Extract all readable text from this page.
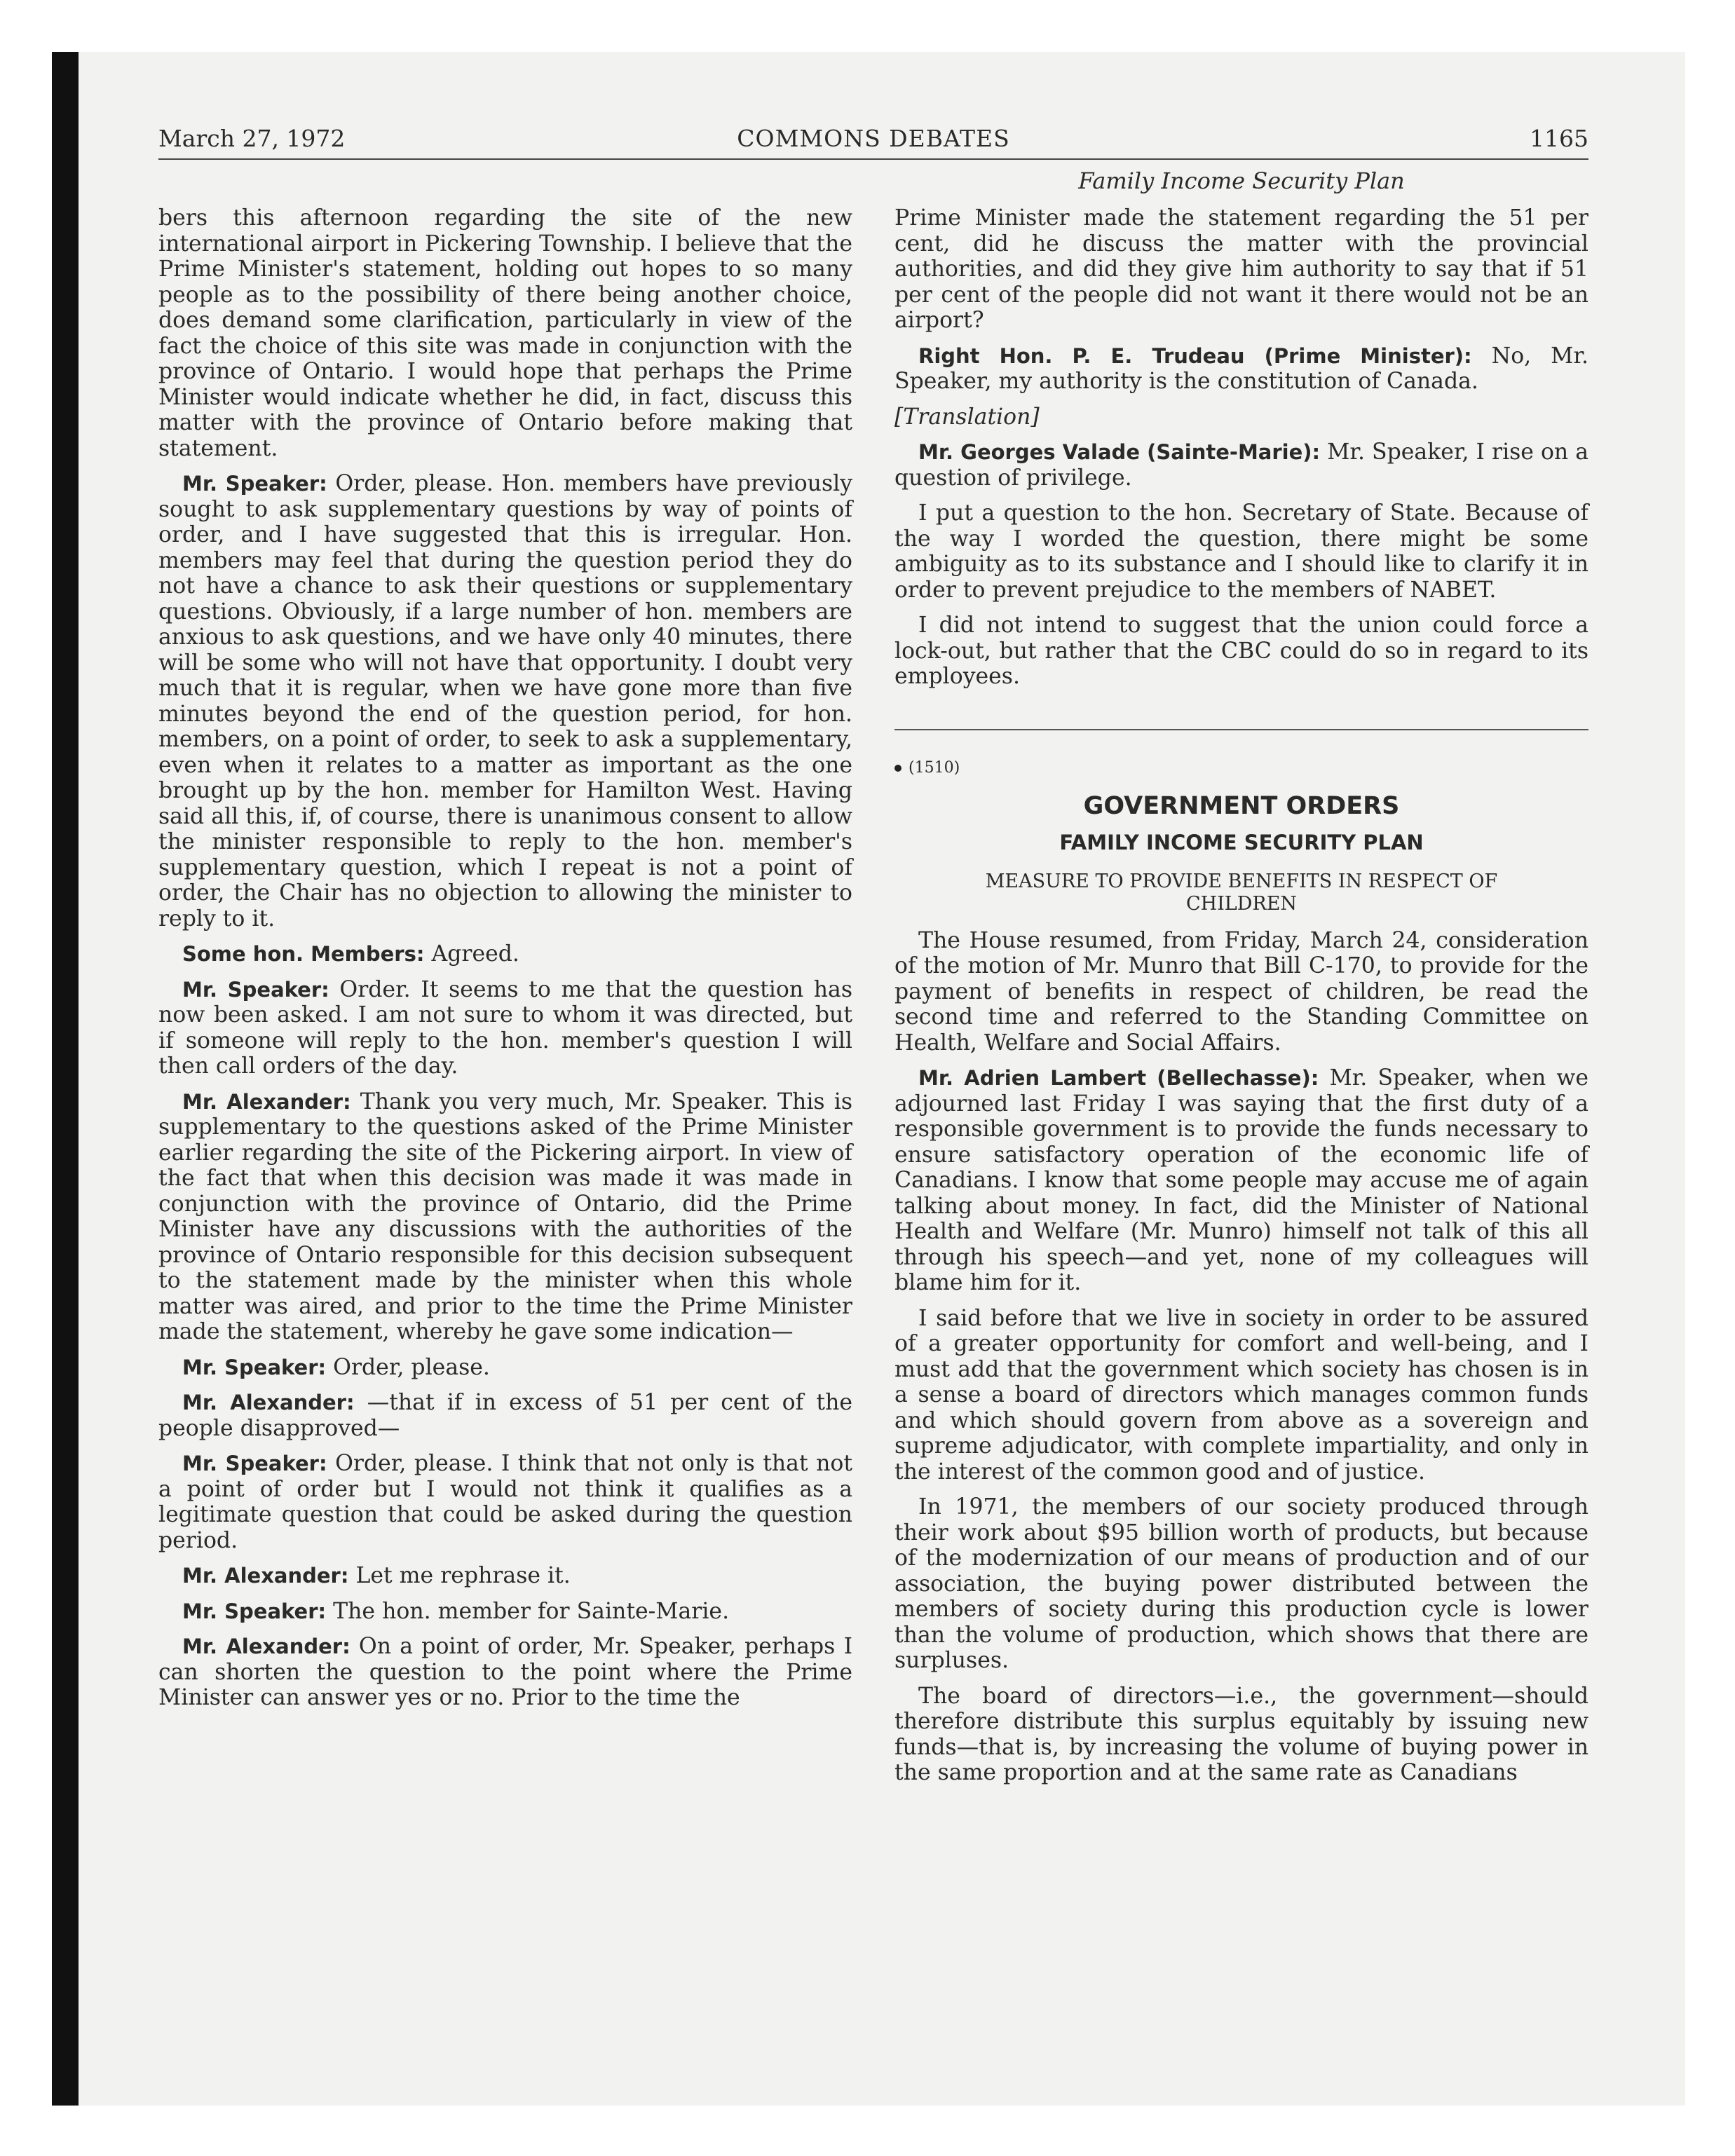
COMMONS DEBATES
March 27, 1972	1165
Family Income Security Plan

bers this afternoon regarding the site of the new international airport in Pickering Township. I believe that the Prime Minister's statement, holding out hopes to so many people as to the possibility of there being another choice, does demand some clarification, particularly in view of the fact the choice of this site was made in conjunction with the province of Ontario. I would hope that perhaps the Prime Minister would indicate whether he did, in fact, discuss this matter with the province of Ontario before making that statement.

Mr. Speaker: Order, please. Hon. members have previously sought to ask supplementary questions by way of points of order, and I have suggested that this is irregular. Hon. members may feel that during the question period they do not have a chance to ask their questions or supplementary questions. Obviously, if a large number of hon. members are anxious to ask questions, and we have only 40 minutes, there will be some who will not have that opportunity. I doubt very much that it is regular, when we have gone more than five minutes beyond the end of the question period, for hon. members, on a point of order, to seek to ask a supplementary, even when it relates to a matter as important as the one brought up by the hon. member for Hamilton West. Having said all this, if, of course, there is unanimous consent to allow the minister responsible to reply to the hon. member's supplementary question, which I repeat is not a point of order, the Chair has no objection to allowing the minister to reply to it.

Some hon. Members: Agreed.

Mr. Speaker: Order. It seems to me that the question has now been asked. I am not sure to whom it was directed, but if someone will reply to the hon. member's question I will then call orders of the day.

Mr. Alexander: Thank you very much, Mr. Speaker. This is supplementary to the questions asked of the Prime Minister earlier regarding the site of the Pickering airport. In view of the fact that when this decision was made it was made in conjunction with the province of Ontario, did the Prime Minister have any discussions with the authorities of the province of Ontario responsible for this decision subsequent to the statement made by the minister when this whole matter was aired, and prior to the time the Prime Minister made the statement, whereby he gave some indication—

Mr. Speaker: Order, please.

Mr. Alexander: —that if in excess of 51 per cent of the people disapproved—

Mr. Speaker: Order, please. I think that not only is that not a point of order but I would not think it qualifies as a legitimate question that could be asked during the question period.

Mr. Alexander: Let me rephrase it.

Mr. Speaker: The hon. member for Sainte-Marie.

Mr. Alexander: On a point of order, Mr. Speaker, perhaps I can shorten the question to the point where the Prime Minister can answer yes or no. Prior to the time the

Prime Minister made the statement regarding the 51 per cent, did he discuss the matter with the provincial authorities, and did they give him authority to say that if 51 per cent of the people did not want it there would not be an airport?

Right Hon. P. E. Trudeau (Prime Minister): No, Mr. Speaker, my authority is the constitution of Canada.

[Translation]

Mr. Georges Valade (Sainte-Marie): Mr. Speaker, I rise on a question of privilege.

I put a question to the hon. Secretary of State. Because of the way I worded the question, there might be some ambiguity as to its substance and I should like to clarify it in order to prevent prejudice to the members of NABET.

I did not intend to suggest that the union could force a lock-out, but rather that the CBC could do so in regard to its employees.

(1510)
GOVERNMENT ORDERS
FAMILY INCOME SECURITY PLAN
MEASURE TO PROVIDE BENEFITS IN RESPECT OF CHILDREN

The House resumed, from Friday, March 24, consideration of the motion of Mr. Munro that Bill C-170, to provide for the payment of benefits in respect of children, be read the second time and referred to the Standing Committee on Health, Welfare and Social Affairs.

Mr. Adrien Lambert (Bellechasse): Mr. Speaker, when we adjourned last Friday I was saying that the first duty of a responsible government is to provide the funds necessary to ensure satisfactory operation of the economic life of Canadians. I know that some people may accuse me of again talking about money. In fact, did the Minister of National Health and Welfare (Mr. Munro) himself not talk of this all through his speech—and yet, none of my colleagues will blame him for it.

I said before that we live in society in order to be assured of a greater opportunity for comfort and well-being, and I must add that the government which society has chosen is in a sense a board of directors which manages common funds and which should govern from above as a sovereign and supreme adjudicator, with complete impartiality, and only in the interest of the common good and of justice.

In 1971, the members of our society produced through their work about $95 billion worth of products, but because of the modernization of our means of production and of our association, the buying power distributed between the members of society during this production cycle is lower than the volume of production, which shows that there are surpluses.

The board of directors—i.e., the government—should therefore distribute this surplus equitably by issuing new funds—that is, by increasing the volume of buying power in the same proportion and at the same rate as Canadians
